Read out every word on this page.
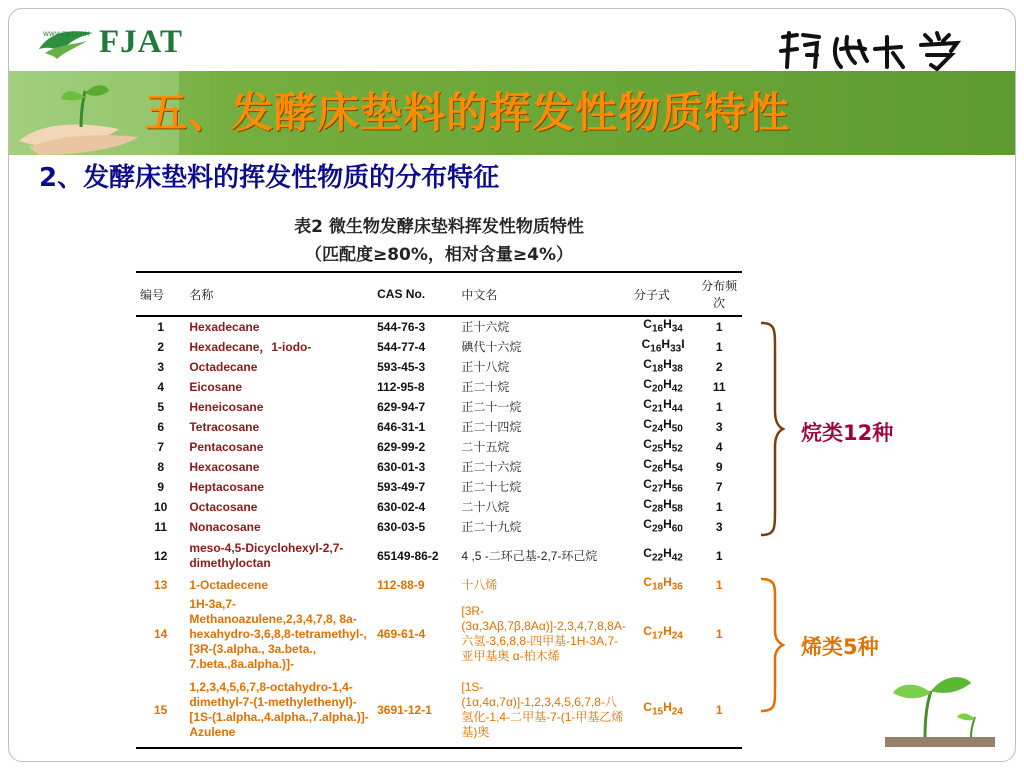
WWW.FJAT.COM FJAT	福州大学
五、发酵床垫料的挥发性物质特性
2、发酵床垫料的挥发性物质的分布特征
表2 微生物发酵床垫料挥发性物质特性
（匹配度≥80%，相对含量≥4%）
编号	名称	CAS No.	中文名	分子式	分布频次
1	Hexadecane	544-76-3	正十六烷	$C_{16}H_{34}$	1
2	Hexadecane，1-iodo-	544-77-4	碘代十六烷	$C_{16}H_{33}I$	1
3	Octadecane	593-45-3	正十八烷	$C_{18}H_{38}$	2
4	Eicosane	112-95-8	正二十烷	$C_{20}H_{42}$	11
5	Heneicosane	629-94-7	正二十一烷	$C_{21}H_{44}$	1
6	Tetracosane	646-31-1	正二十四烷	$C_{24}H_{50}$	3
7	Pentacosane	629-99-2	二十五烷	$C_{25}H_{52}$	4
8	Hexacosane	630-01-3	正二十六烷	$C_{26}H_{54}$	9
9	Heptacosane	593-49-7	正二十七烷	$C_{27}H_{56}$	7
10	Octacosane	630-02-4	二十八烷	$C_{28}H_{58}$	1
11	Nonacosane	630-03-5	正二十九烷	$C_{29}H_{60}$	3
12	meso-4,5-Dicyclohexyl-2,7-dimethyloctan	65149-86-2	4 ,5 -二环己基-2,7-环己烷	$C_{22}H_{42}$	1
13	1-Octadecene	112-88-9	十八烯	$C_{18}H_{36}$	1
14	1H-3a,7-Methanoazulene,2,3,4,7,8, 8a-hexahydro-3,6,8,8-tetramethyl-, [3R-(3.alpha., 3a.beta., 7.beta.,8a.alpha.)]-	469-61-4	[3R-(3α,3Aβ,7β,8Aα)]-2,3,4,7,8,8A-六氢-3,6,8,8-四甲基-1H-3A,7-亚甲基奥 α-柏木烯	$C_{17}H_{24}$	1
15	1,2,3,4,5,6,7,8-octahydro-1,4-dimethyl-7-(1-methylethenyl)-[1S-(1.alpha.,4.alpha.,7.alpha.)]-Azulene	3691-12-1	[1S-(1α,4α,7α)]-1,2,3,4,5,6,7,8-八氢化-1,4-二甲基-7-(1-甲基乙烯基)奥	$C_{15}H_{24}$	1
烷类12种
烯类5种
